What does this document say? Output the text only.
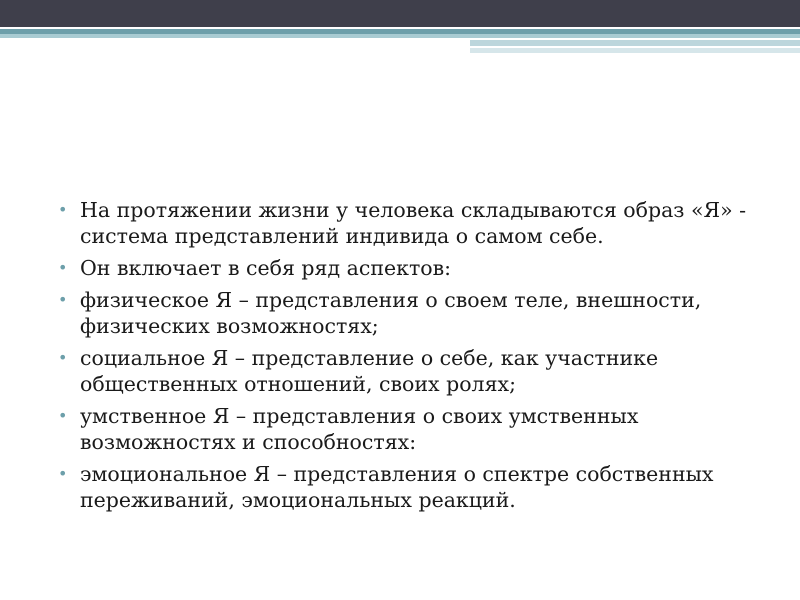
• На протяжении жизни у человека складываются образ «Я» - система представлений индивида о самом себе.
• Он включает в себя ряд аспектов:
• физическое Я – представления о своем теле, внешности, физических возможностях;
• социальное Я – представление о себе, как участнике общественных отношений, своих ролях;
• умственное Я – представления о своих умственных возможностях и способностях:
• эмоциональное Я – представления о спектре собственных переживаний, эмоциональных реакций.
